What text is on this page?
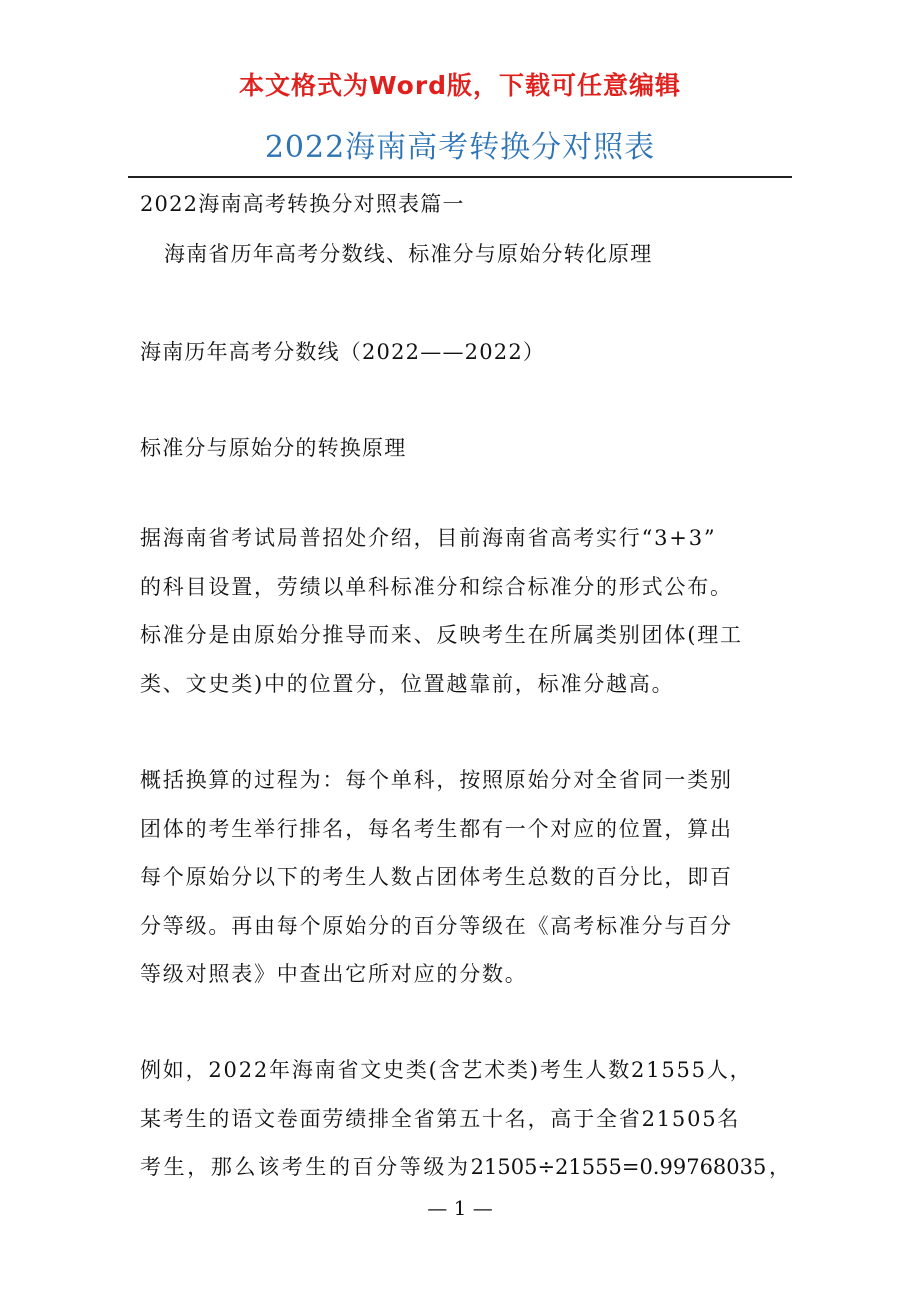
本文格式为Word版，下载可任意编辑
2022海南高考转换分对照表
2022海南高考转换分对照表篇一
海南省历年高考分数线、标准分与原始分转化原理
海南历年高考分数线（2022——2022）
标准分与原始分的转换原理
据海南省考试局普招处介绍，目前海南省高考实行“3+3”
的科目设置，劳绩以单科标准分和综合标准分的形式公布。
标准分是由原始分推导而来、反映考生在所属类别团体(理工
类、文史类)中的位置分，位置越靠前，标准分越高。
概括换算的过程为：每个单科，按照原始分对全省同一类别
团体的考生举行排名，每名考生都有一个对应的位置，算出
每个原始分以下的考生人数占团体考生总数的百分比，即百
分等级。再由每个原始分的百分等级在《高考标准分与百分
等级对照表》中查出它所对应的分数。
例如，2022年海南省文史类(含艺术类)考生人数21555人，
某考生的语文卷面劳绩排全省第五十名，高于全省21505名
考生，那么该考生的百分等级为21505÷21555=0.99768035，
— 1 —
